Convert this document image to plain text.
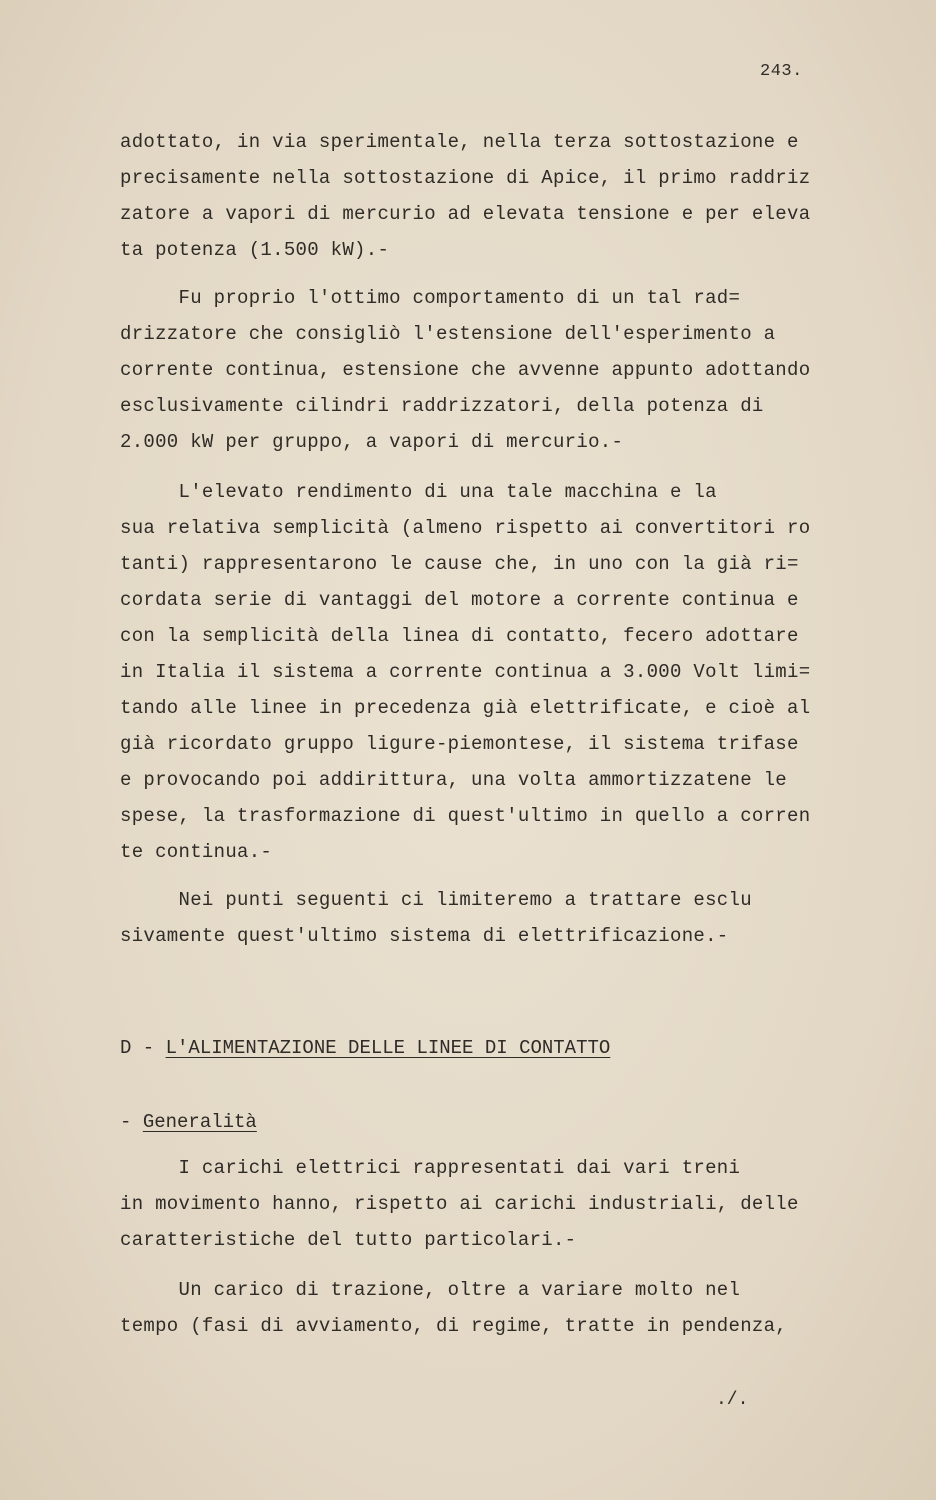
243.
adottato, in via sperimentale, nella terza sottostazione e
precisamente nella sottostazione di Apice, il primo raddriz
zatore a vapori di mercurio ad elevata tensione e per eleva
ta potenza (1.500 kW).-
Fu proprio l'ottimo comportamento di un tal rad=
drizzatore che consigliò l'estensione dell'esperimento a
corrente continua, estensione che avvenne appunto adottando
esclusivamente cilindri raddrizzatori, della potenza di
2.000 kW per gruppo, a vapori di mercurio.-
L'elevato rendimento di una tale macchina e la
sua relativa semplicità (almeno rispetto ai convertitori ro
tanti) rappresentarono le cause che, in uno con la già ri=
cordata serie di vantaggi del motore a corrente continua e
con la semplicità della linea di contatto, fecero adottare
in Italia il sistema a corrente continua a 3.000 Volt limi=
tando alle linee in precedenza già elettrificate, e cioè al
già ricordato gruppo ligure-piemontese, il sistema trifase
e provocando poi addirittura, una volta ammortizzatene le
spese, la trasformazione di quest'ultimo in quello a corren
te continua.-
Nei punti seguenti ci limiteremo a trattare esclu
sivamente quest'ultimo sistema di elettrificazione.-
D - L'ALIMENTAZIONE DELLE LINEE DI CONTATTO
- Generalità
I carichi elettrici rappresentati dai vari treni
in movimento hanno, rispetto ai carichi industriali, delle
caratteristiche del tutto particolari.-
Un carico di trazione, oltre a variare molto nel
tempo (fasi di avviamento, di regime, tratte in pendenza,
./.
